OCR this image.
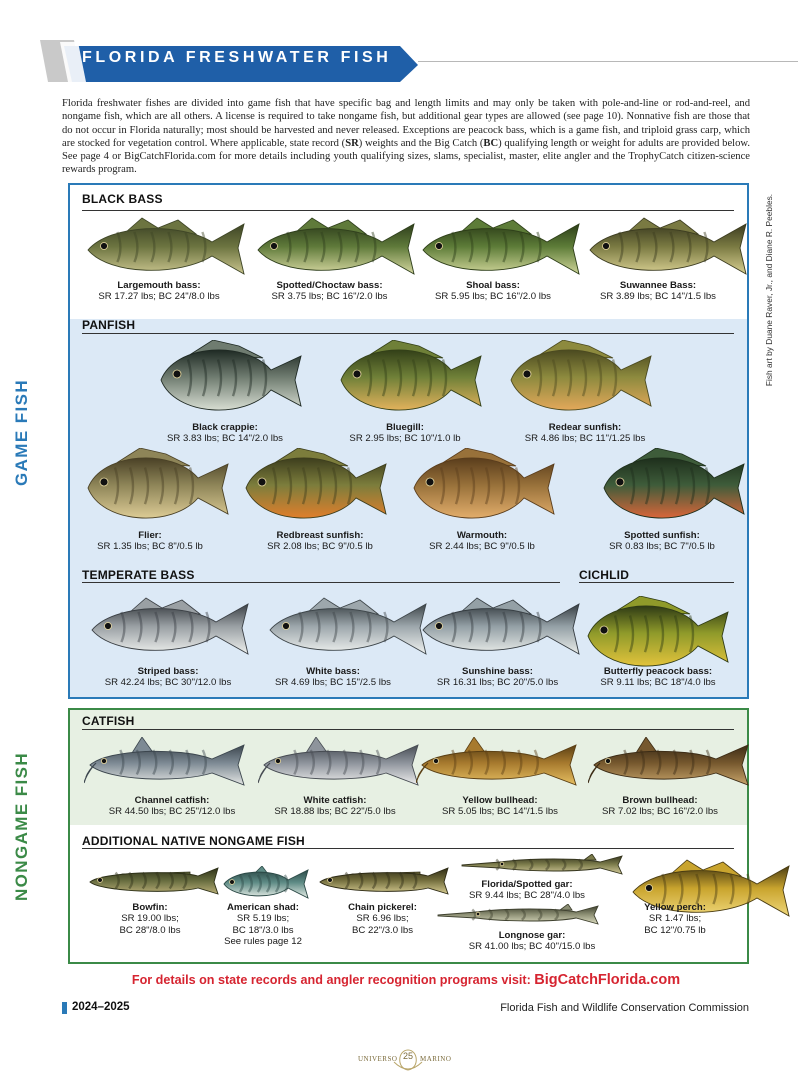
FLORIDA FRESHWATER FISH

Florida freshwater fishes are divided into game fish that have specific bag and length limits and may only be taken with pole-and-line or rod-and-reel, and nongame fish, which are all others. A license is required to take nongame fish, but additional gear types are allowed (see page 10). Nonnative fish are those that do not occur in Florida naturally; most should be harvested and never released. Exceptions are peacock bass, which is a game fish, and triploid grass carp, which are stocked for vegetation control. Where applicable, state record (SR) weights and the Big Catch (BC) qualifying length or weight for adults are provided below. See page 4 or BigCatchFlorida.com for more details including youth qualifying sizes, slams, specialist, master, elite angler and the TrophyCatch citizen-science rewards program.

GAME FISH
NONGAME FISH
Fish art by Duane Raver, Jr., and Diane R. Peebles.
BLACK BASS
PANFISH
TEMPERATE BASS	CICHLID
CATFISH
ADDITIONAL NATIVE NONGAME FISH
Largemouth bass:
SR 17.27 lbs; BC 24"/8.0 lbs
Spotted/Choctaw bass:
SR 3.75 lbs; BC 16"/2.0 lbs
Shoal bass:
SR 5.95 lbs; BC 16"/2.0 lbs
Suwannee Bass:
SR 3.89 lbs; BC 14"/1.5 lbs
Black crappie:
SR 3.83 lbs; BC 14"/2.0 lbs
Bluegill:
SR 2.95 lbs; BC 10"/1.0 lb
Redear sunfish:
SR 4.86 lbs; BC 11"/1.25 lbs
Flier:
SR 1.35 lbs; BC 8"/0.5 lb
Redbreast sunfish:
SR 2.08 lbs; BC 9"/0.5 lb
Warmouth:
SR 2.44 lbs; BC 9"/0.5 lb
Spotted sunfish:
SR 0.83 lbs; BC 7"/0.5 lb
Striped bass:
SR 42.24 lbs; BC 30"/12.0 lbs
White bass:
SR 4.69 lbs; BC 15"/2.5 lbs
Sunshine bass:
SR 16.31 lbs; BC 20"/5.0 lbs
Butterfly peacock bass:
SR 9.11 lbs; BC 18"/4.0 lbs
Channel catfish:
SR 44.50 lbs; BC 25"/12.0 lbs
White catfish:
SR 18.88 lbs; BC 22"/5.0 lbs
Yellow bullhead:
SR 5.05 lbs; BC 14"/1.5 lbs
Brown bullhead:
SR 7.02 lbs; BC 16"/2.0 lbs
Bowfin:
SR 19.00 lbs;
BC 28"/8.0 lbs
American shad:
SR 5.19 lbs;
BC 18"/3.0 lbs
See rules page 12
Chain pickerel:
SR 6.96 lbs;
BC 22"/3.0 lbs
Florida/Spotted gar:
SR 9.44 lbs; BC 28"/4.0 lbs
Longnose gar:
SR 41.00 lbs; BC 40"/15.0 lbs
Yellow perch:
SR 1.47 lbs;
BC 12"/0.75 lb
For details on state records and angler recognition programs visit: BigCatchFlorida.com
2024–2025	Florida Fish and Wildlife Conservation Commission
UNIVERSO 25	MARINO
